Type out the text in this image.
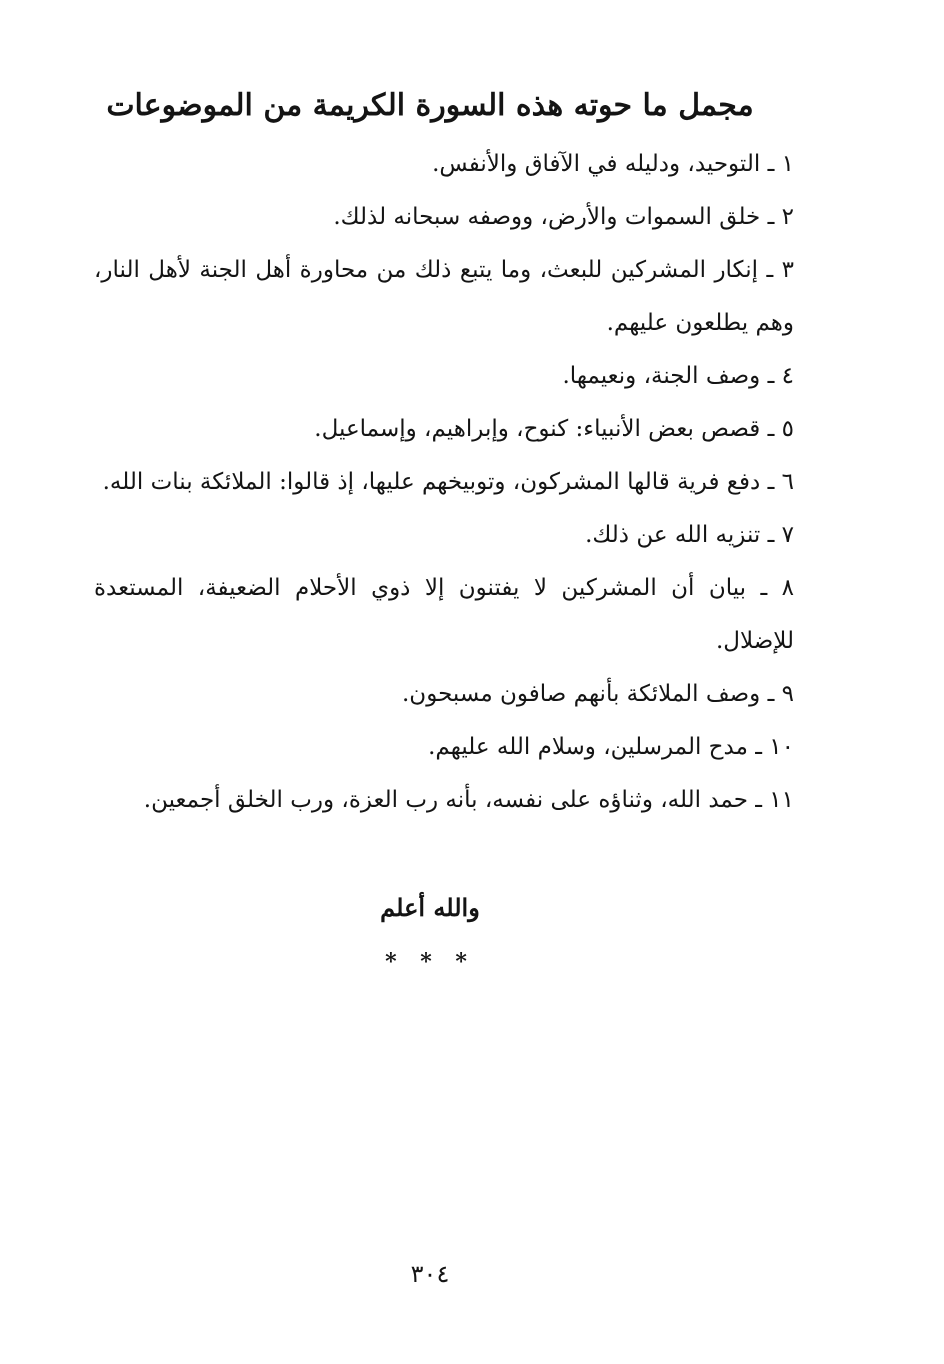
مجمل ما حوته هذه السورة الكريمة من الموضوعات
١ ـ التوحيد، ودليله في الآفاق والأنفس.
٢ ـ خلق السموات والأرض، ووصفه سبحانه لذلك.
٣ ـ إنكار المشركين للبعث، وما يتبع ذلك من محاورة أهل الجنة لأهل النار، وهم يطلعون عليهم.
٤ ـ وصف الجنة، ونعيمها.
٥ ـ قصص بعض الأنبياء: كنوح، وإبراهيم، وإسماعيل.
٦ ـ دفع فرية قالها المشركون، وتوبيخهم عليها، إذ قالوا: الملائكة بنات الله.
٧ ـ تنزيه الله عن ذلك.
٨ ـ بيان أن المشركين لا يفتنون إلا ذوي الأحلام الضعيفة، المستعدة للإضلال.
٩ ـ وصف الملائكة بأنهم صافون مسبحون.
١٠ ـ مدح المرسلين، وسلام الله عليهم.
١١ ـ حمد الله، وثناؤه على نفسه، بأنه رب العزة، ورب الخلق أجمعين.

والله أعلم

* * *

٣٠٤
